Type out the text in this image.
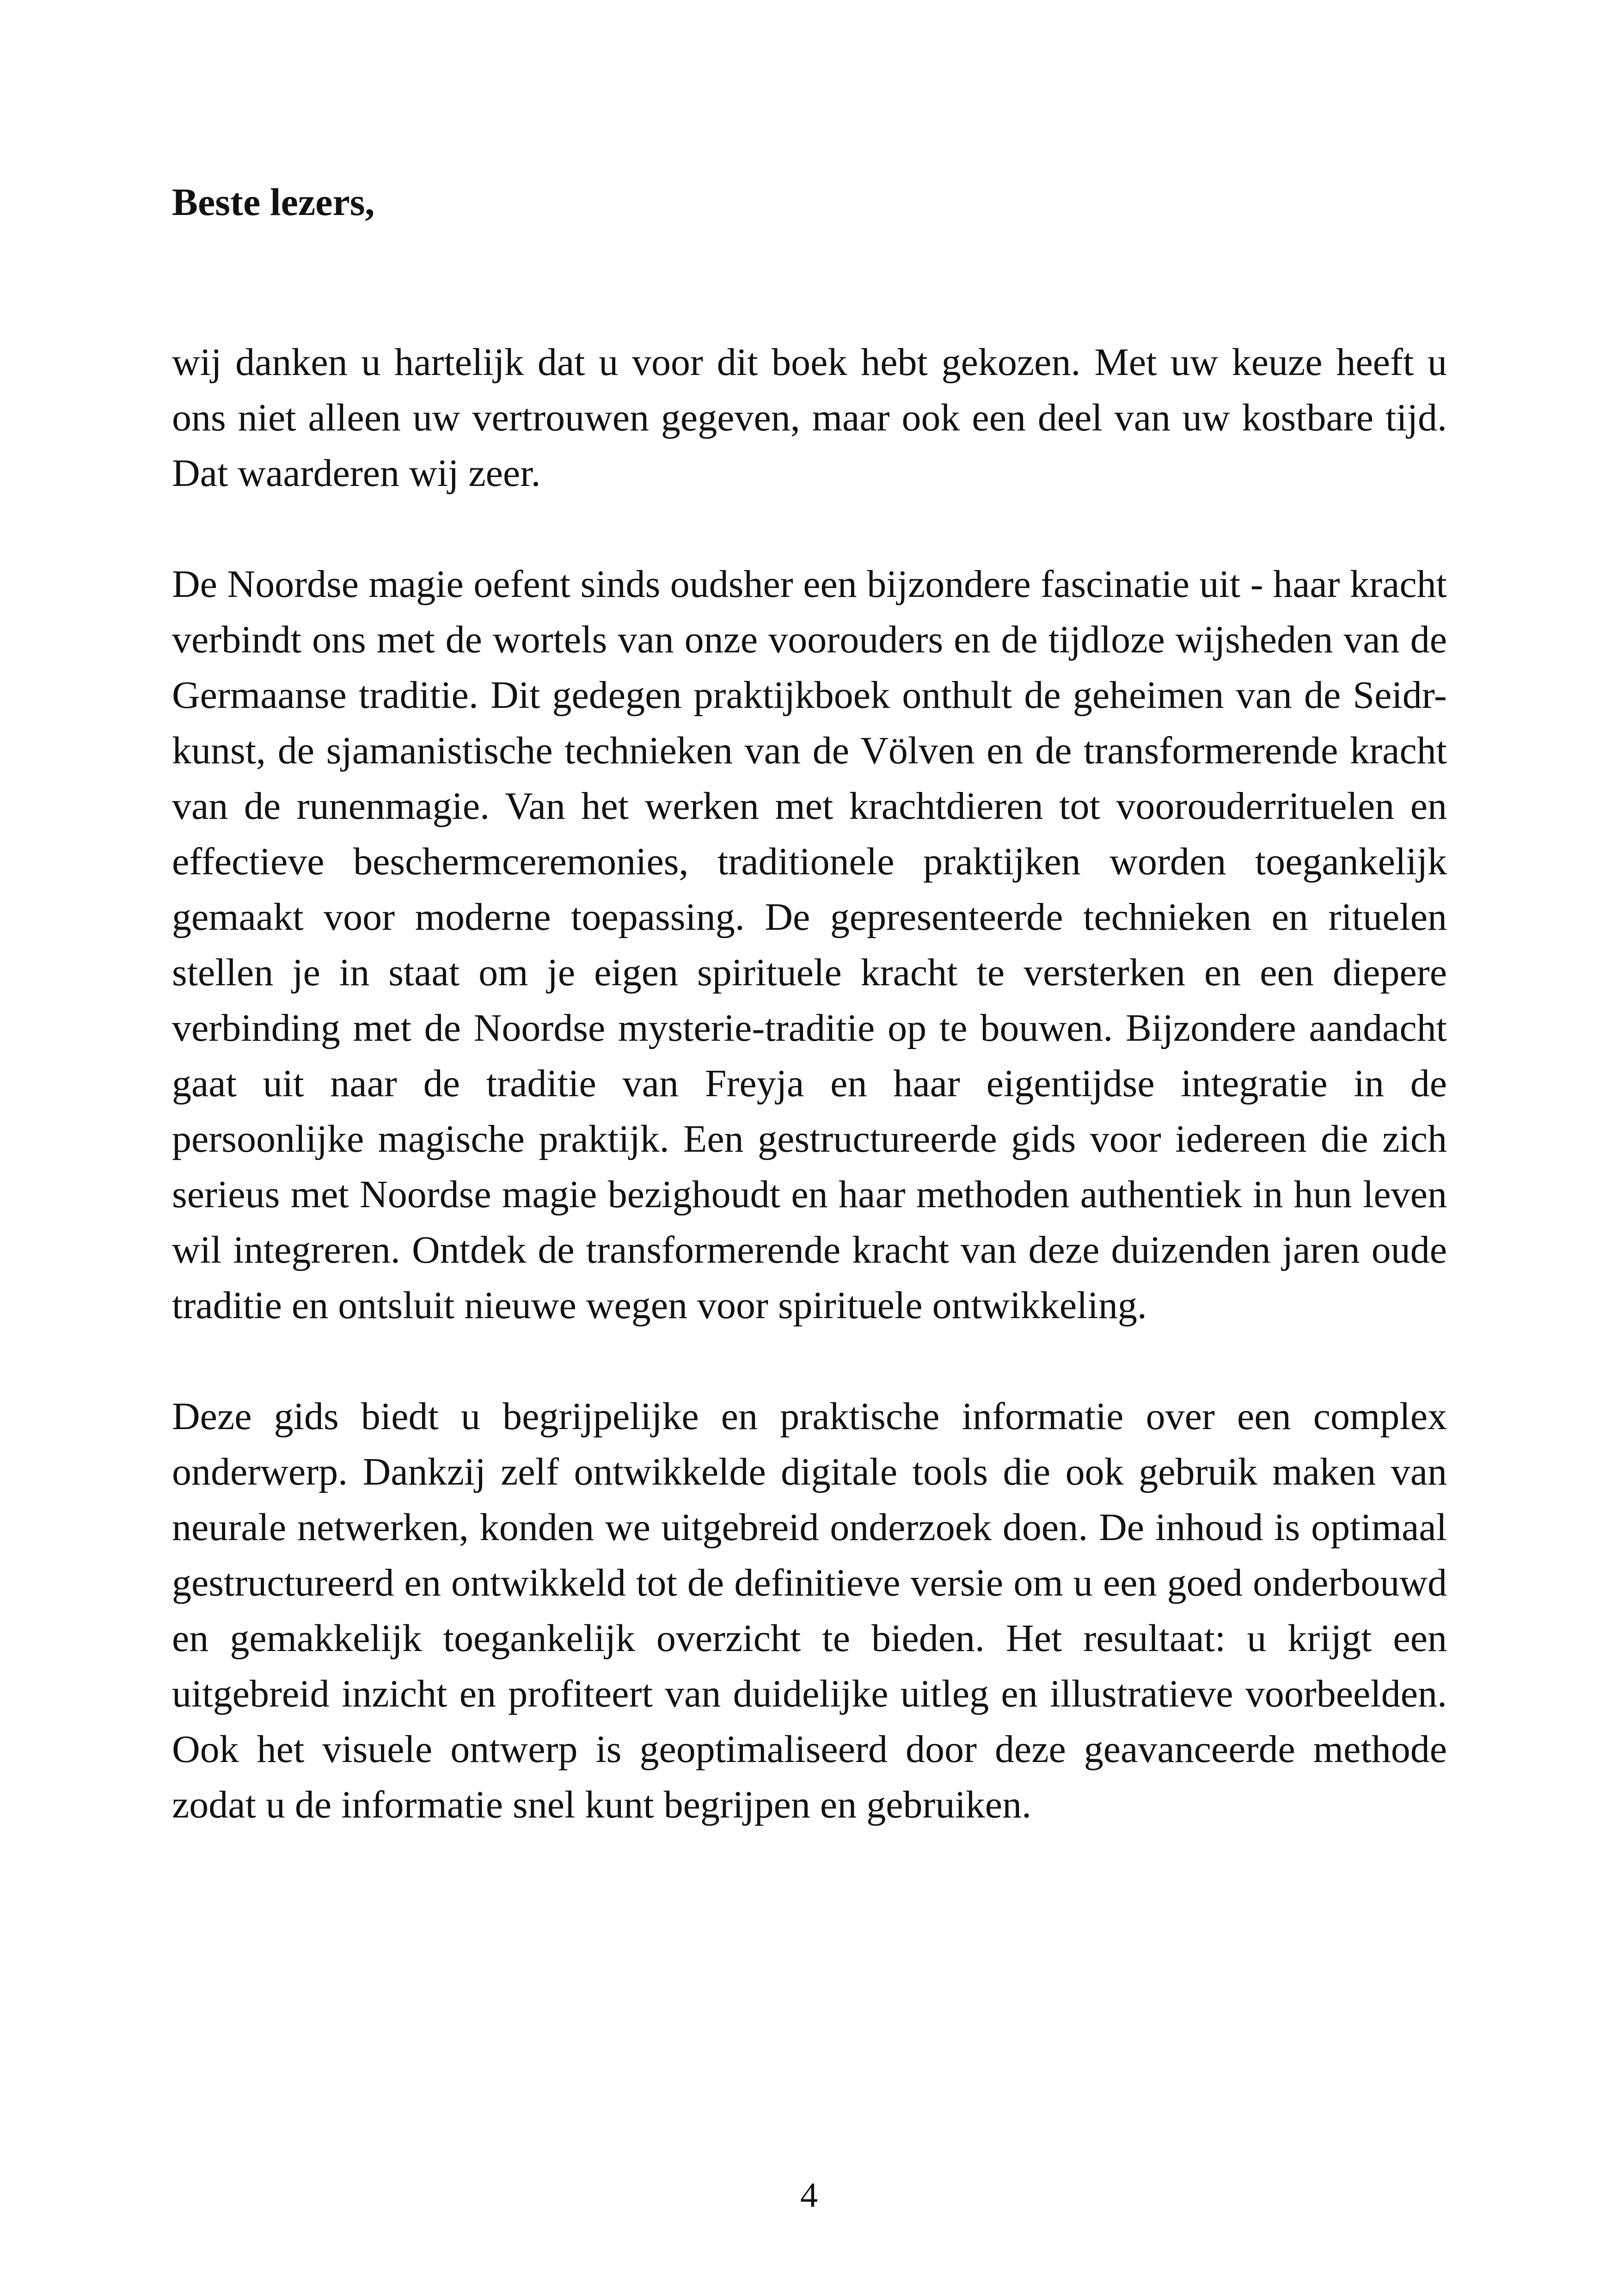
Beste lezers,

wij danken u hartelijk dat u voor dit boek hebt gekozen. Met uw keuze heeft u ons niet alleen uw vertrouwen gegeven, maar ook een deel van uw kostbare tijd. Dat waarderen wij zeer.

De Noordse magie oefent sinds oudsher een bijzondere fascinatie uit - haar kracht verbindt ons met de wortels van onze voorouders en de tijdloze wijsheden van de Germaanse traditie. Dit gedegen praktijkboek onthult de geheimen van de Seidr-kunst, de sjamanistische technieken van de Völven en de transformerende kracht van de runenmagie. Van het werken met krachtdieren tot voorouderrituelen en effectieve beschermceremonies, traditionele praktijken worden toegankelijk gemaakt voor moderne toepassing. De gepresenteerde technieken en rituelen stellen je in staat om je eigen spirituele kracht te versterken en een diepere verbinding met de Noordse mysterie-traditie op te bouwen. Bijzondere aandacht gaat uit naar de traditie van Freyja en haar eigentijdse integratie in de persoonlijke magische praktijk. Een gestructureerde gids voor iedereen die zich serieus met Noordse magie bezighoudt en haar methoden authentiek in hun leven wil integreren. Ontdek de transformerende kracht van deze duizenden jaren oude traditie en ontsluit nieuwe wegen voor spirituele ontwikkeling.

Deze gids biedt u begrijpelijke en praktische informatie over een complex onderwerp. Dankzij zelf ontwikkelde digitale tools die ook gebruik maken van neurale netwerken, konden we uitgebreid onderzoek doen. De inhoud is optimaal gestructureerd en ontwikkeld tot de definitieve versie om u een goed onderbouwd en gemakkelijk toegankelijk overzicht te bieden. Het resultaat: u krijgt een uitgebreid inzicht en profiteert van duidelijke uitleg en illustratieve voorbeelden. Ook het visuele ontwerp is geoptimaliseerd door deze geavanceerde methode zodat u de informatie snel kunt begrijpen en gebruiken.

4
